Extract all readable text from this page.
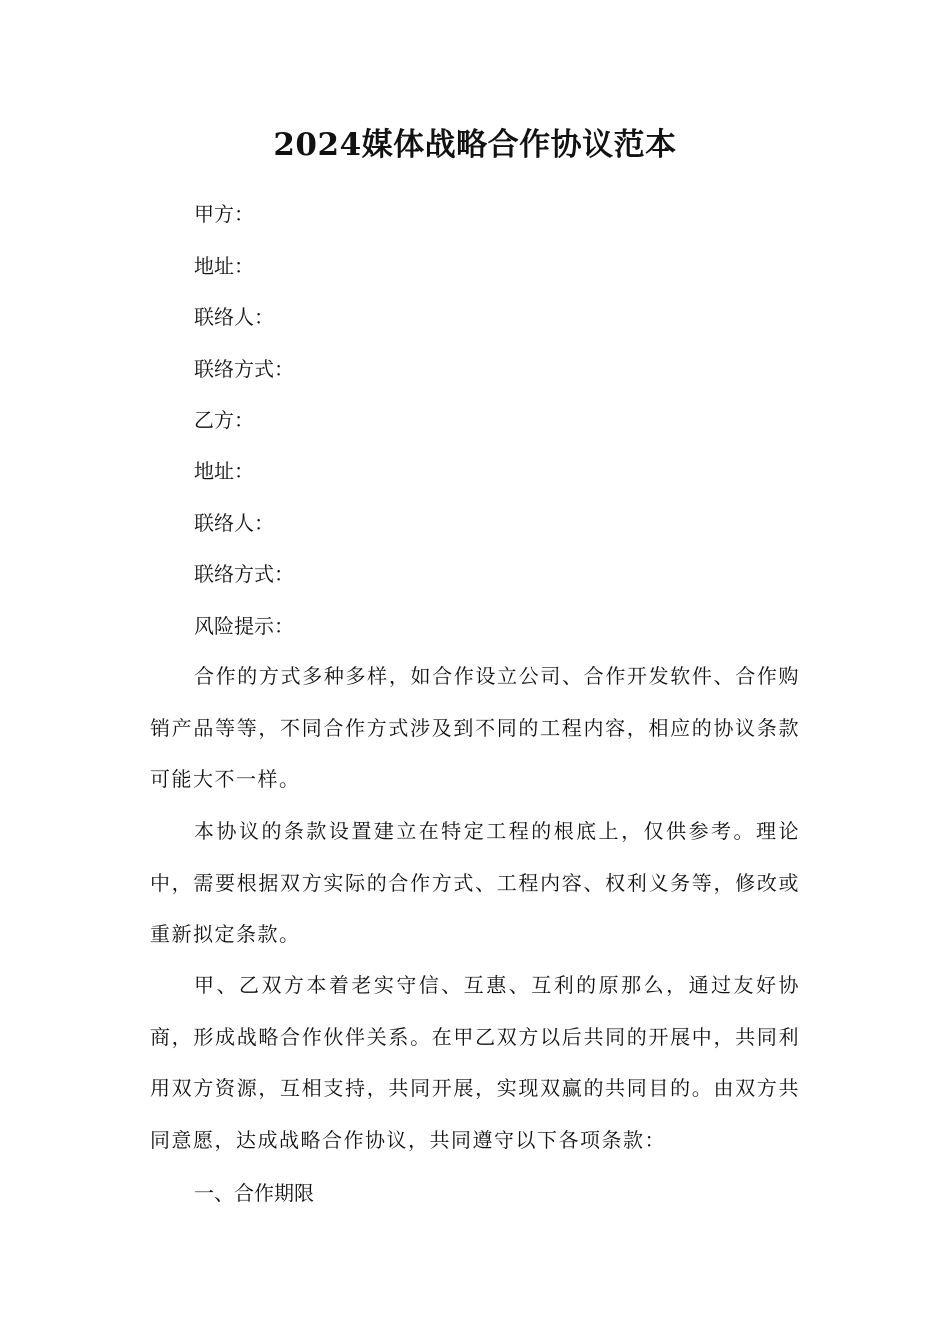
2024媒体战略合作协议范本

甲方：

地址：

联络人：

联络方式：

乙方：

地址：

联络人：

联络方式：

风险提示：

合作的方式多种多样，如合作设立公司、合作开发软件、合作购销产品等等，不同合作方式涉及到不同的工程内容，相应的协议条款可能大不一样。

本协议的条款设置建立在特定工程的根底上，仅供参考。理论中，需要根据双方实际的合作方式、工程内容、权利义务等，修改或重新拟定条款。

甲、乙双方本着老实守信、互惠、互利的原那么，通过友好协商，形成战略合作伙伴关系。在甲乙双方以后共同的开展中，共同利用双方资源，互相支持，共同开展，实现双赢的共同目的。由双方共同意愿，达成战略合作协议，共同遵守以下各项条款：

一、合作期限
